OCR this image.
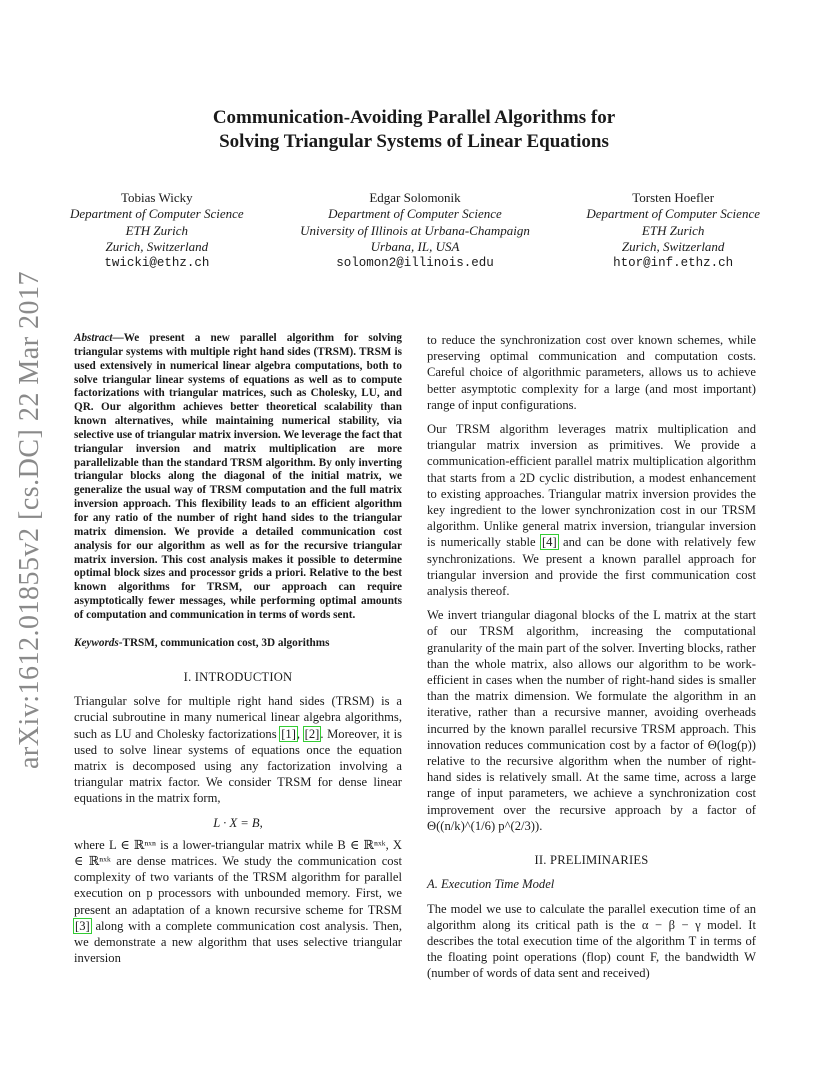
arXiv:1612.01855v2 [cs.DC] 22 Mar 2017
Communication-Avoiding Parallel Algorithms for
Solving Triangular Systems of Linear Equations
Tobias Wicky
Department of Computer Science
ETH Zurich
Zurich, Switzerland
twicki@ethz.ch
Edgar Solomonik
Department of Computer Science
University of Illinois at Urbana-Champaign
Urbana, IL, USA
solomon2@illinois.edu
Torsten Hoefler
Department of Computer Science
ETH Zurich
Zurich, Switzerland
htor@inf.ethz.ch

Abstract—We present a new parallel algorithm for solving triangular systems with multiple right hand sides (TRSM). TRSM is used extensively in numerical linear algebra computations, both to solve triangular linear systems of equations as well as to compute factorizations with triangular matrices, such as Cholesky, LU, and QR. Our algorithm achieves better theoretical scalability than known alternatives, while maintaining numerical stability, via selective use of triangular matrix inversion. We leverage the fact that triangular inversion and matrix multiplication are more parallelizable than the standard TRSM algorithm. By only inverting triangular blocks along the diagonal of the initial matrix, we generalize the usual way of TRSM computation and the full matrix inversion approach. This flexibility leads to an efficient algorithm for any ratio of the number of right hand sides to the triangular matrix dimension. We provide a detailed communication cost analysis for our algorithm as well as for the recursive triangular matrix inversion. This cost analysis makes it possible to determine optimal block sizes and processor grids a priori. Relative to the best known algorithms for TRSM, our approach can require asymptotically fewer messages, while performing optimal amounts of computation and communication in terms of words sent.

Keywords-TRSM, communication cost, 3D algorithms

I. INTRODUCTION

Triangular solve for multiple right hand sides (TRSM) is a crucial subroutine in many numerical linear algebra algorithms, such as LU and Cholesky factorizations [1], [2]. Moreover, it is used to solve linear systems of equations once the equation matrix is decomposed using any factorization involving a triangular matrix factor. We consider TRSM for dense linear equations in the matrix form,

L · X = B,

where L ∈ ℝⁿˣⁿ is a lower-triangular matrix while B ∈ ℝⁿˣᵏ, X ∈ ℝⁿˣᵏ are dense matrices. We study the communication cost complexity of two variants of the TRSM algorithm for parallel execution on p processors with unbounded memory. First, we present an adaptation of a known recursive scheme for TRSM [3] along with a complete communication cost analysis. Then, we demonstrate a new algorithm that uses selective triangular inversion

to reduce the synchronization cost over known schemes, while preserving optimal communication and computation costs. Careful choice of algorithmic parameters, allows us to achieve better asymptotic complexity for a large (and most important) range of input configurations.

Our TRSM algorithm leverages matrix multiplication and triangular matrix inversion as primitives. We provide a communication-efficient parallel matrix multiplication algorithm that starts from a 2D cyclic distribution, a modest enhancement to existing approaches. Triangular matrix inversion provides the key ingredient to the lower synchronization cost in our TRSM algorithm. Unlike general matrix inversion, triangular inversion is numerically stable [4] and can be done with relatively few synchronizations. We present a known parallel approach for triangular inversion and provide the first communication cost analysis thereof.

We invert triangular diagonal blocks of the L matrix at the start of our TRSM algorithm, increasing the computational granularity of the main part of the solver. Inverting blocks, rather than the whole matrix, also allows our algorithm to be work-efficient in cases when the number of right-hand sides is smaller than the matrix dimension. We formulate the algorithm in an iterative, rather than a recursive manner, avoiding overheads incurred by the known parallel recursive TRSM approach. This innovation reduces communication cost by a factor of Θ(log(p)) relative to the recursive algorithm when the number of right-hand sides is relatively small. At the same time, across a large range of input parameters, we achieve a synchronization cost improvement over the recursive approach by a factor of Θ((n/k)^(1/6) p^(2/3)).

II. PRELIMINARIES
A. Execution Time Model

The model we use to calculate the parallel execution time of an algorithm along its critical path is the α − β − γ model. It describes the total execution time of the algorithm T in terms of the floating point operations (flop) count F, the bandwidth W (number of words of data sent and received)
